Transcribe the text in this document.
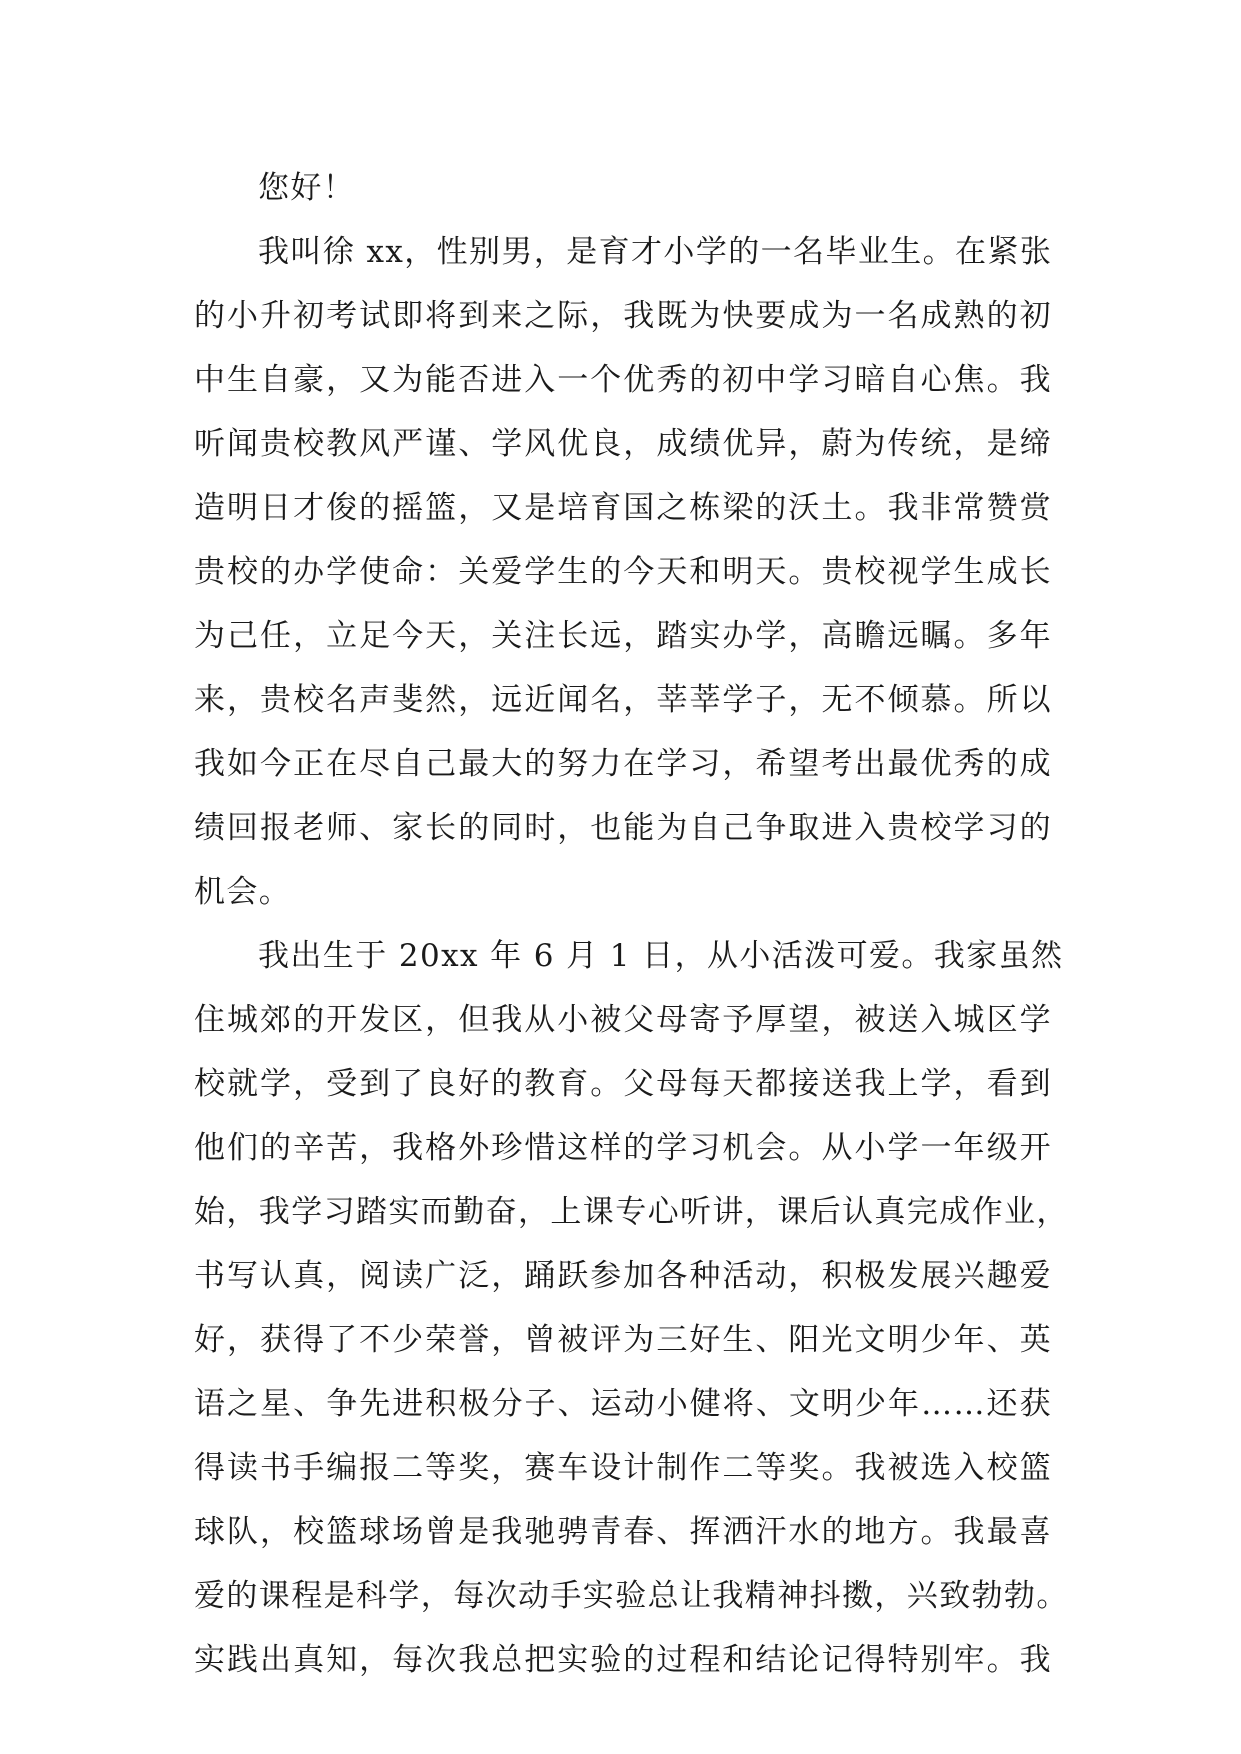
您好！
我叫徐 xx，性别男，是育才小学的一名毕业生。在紧张
的小升初考试即将到来之际，我既为快要成为一名成熟的初
中生自豪，又为能否进入一个优秀的初中学习暗自心焦。我
听闻贵校教风严谨、学风优良，成绩优异，蔚为传统，是缔
造明日才俊的摇篮，又是培育国之栋梁的沃土。我非常赞赏
贵校的办学使命：关爱学生的今天和明天。贵校视学生成长
为己任，立足今天，关注长远，踏实办学，高瞻远瞩。多年
来，贵校名声斐然，远近闻名，莘莘学子，无不倾慕。所以
我如今正在尽自己最大的努力在学习，希望考出最优秀的成
绩回报老师、家长的同时，也能为自己争取进入贵校学习的
机会。
我出生于 20xx 年 6 月 1 日，从小活泼可爱。我家虽然
住城郊的开发区，但我从小被父母寄予厚望，被送入城区学
校就学，受到了良好的教育。父母每天都接送我上学，看到
他们的辛苦，我格外珍惜这样的学习机会。从小学一年级开
始，我学习踏实而勤奋，上课专心听讲，课后认真完成作业，
书写认真，阅读广泛，踊跃参加各种活动，积极发展兴趣爱
好，获得了不少荣誉，曾被评为三好生、阳光文明少年、英
语之星、争先进积极分子、运动小健将、文明少年……还获
得读书手编报二等奖，赛车设计制作二等奖。我被选入校篮
球队，校篮球场曾是我驰骋青春、挥洒汗水的地方。我最喜
爱的课程是科学，每次动手实验总让我精神抖擞，兴致勃勃。
实践出真知，每次我总把实验的过程和结论记得特别牢。我
